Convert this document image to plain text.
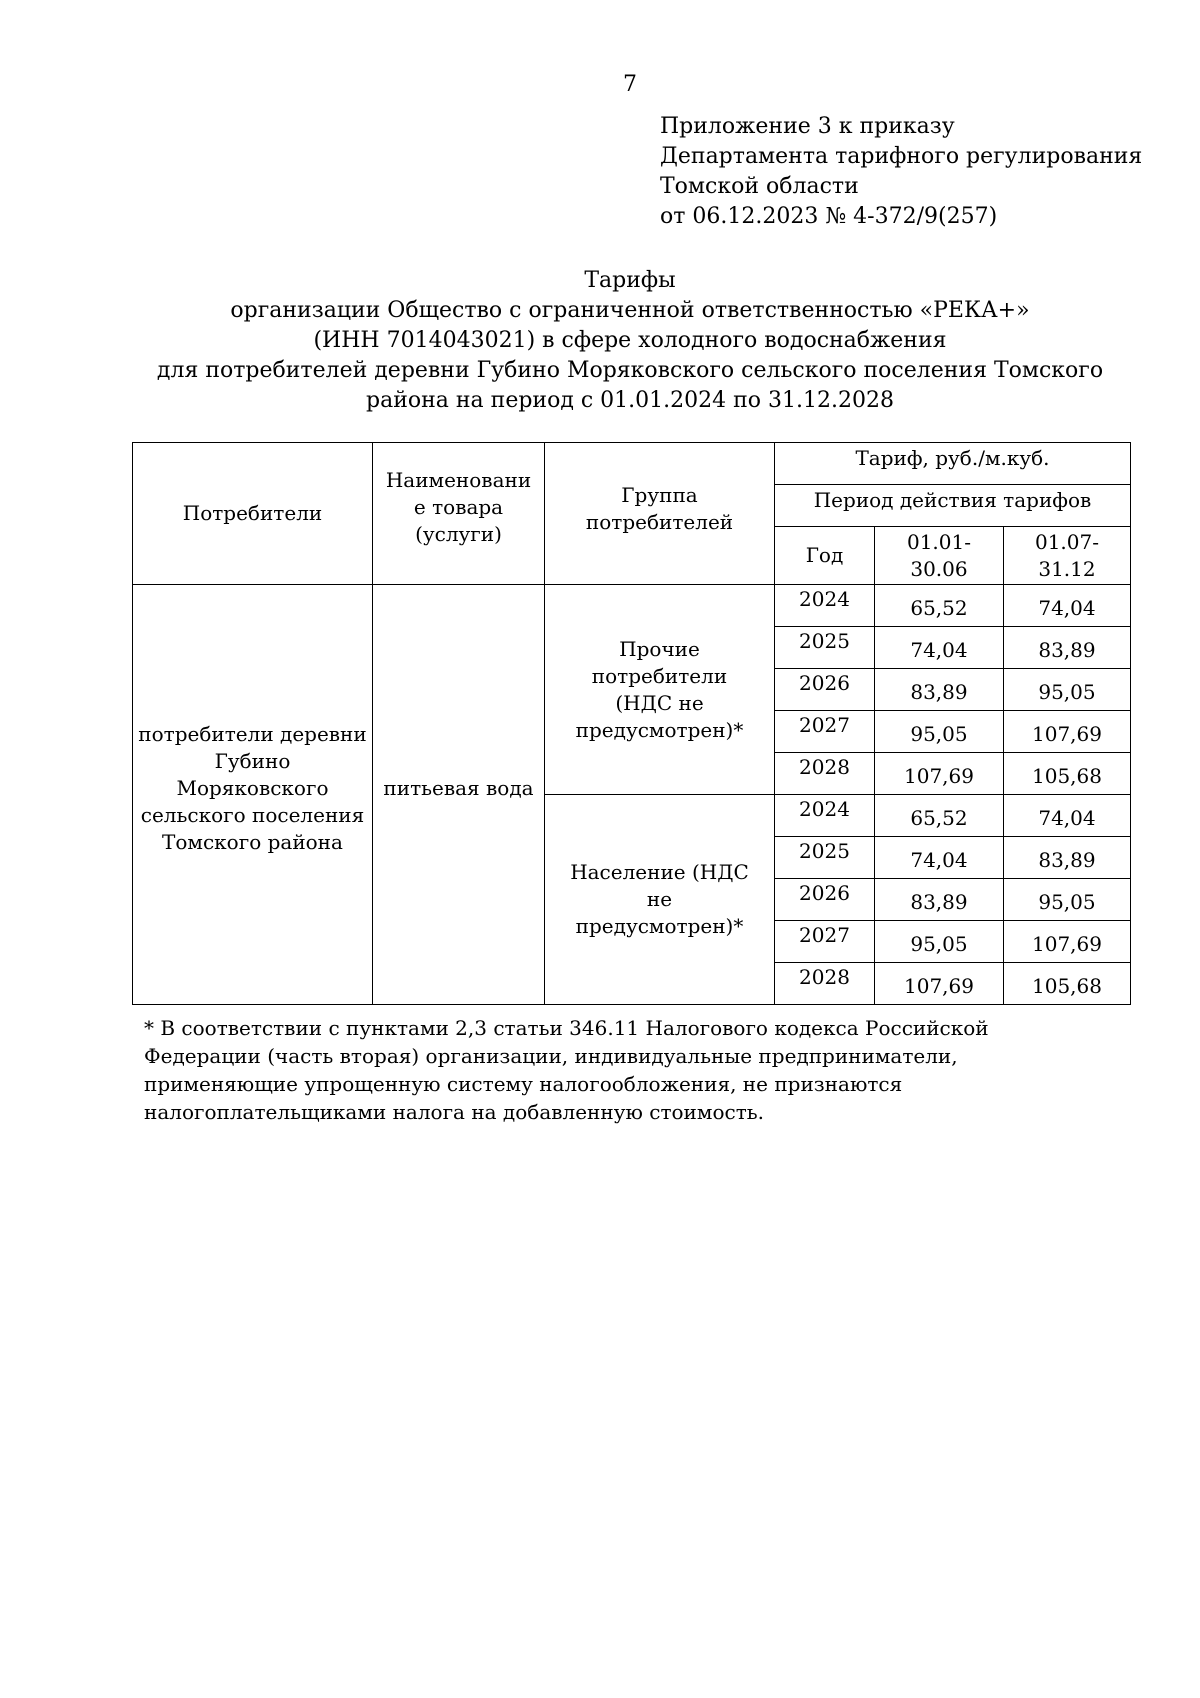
7
Приложение 3 к приказу
Департамента тарифного регулирования
Томской области
от 06.12.2023 № 4-372/9(257)
Тарифы
организации Общество с ограниченной ответственностью «РЕКА+»
(ИНН 7014043021) в сфере холодного водоснабжения
для потребителей деревни Губино Моряковского сельского поселения Томского
района на период с 01.01.2024 по 31.12.2028
Потребители	Наименовани е товара (услуги)	Группа потребителей	Тариф, руб./м.куб.		
			Период действия тарифов		
			Год	01.01- 30.06	01.07- 31.12
потребители деревни Губино Моряковского сельского поселения Томского района	питьевая вода	Прочие потребители (НДС не предусмотрен)*	2024	65,52	74,04
			2025	74,04	83,89
			2026	83,89	95,05
			2027	95,05	107,69
			2028	107,69	105,68
		Население (НДС не предусмотрен)*	2024	65,52	74,04
			2025	74,04	83,89
			2026	83,89	95,05
			2027	95,05	107,69
			2028	107,69	105,68
* В соответствии с пунктами 2,3 статьи 346.11 Налогового кодекса Российской Федерации (часть вторая) организации, индивидуальные предприниматели, применяющие упрощенную систему налогообложения, не признаются налогоплательщиками налога на добавленную стоимость.
